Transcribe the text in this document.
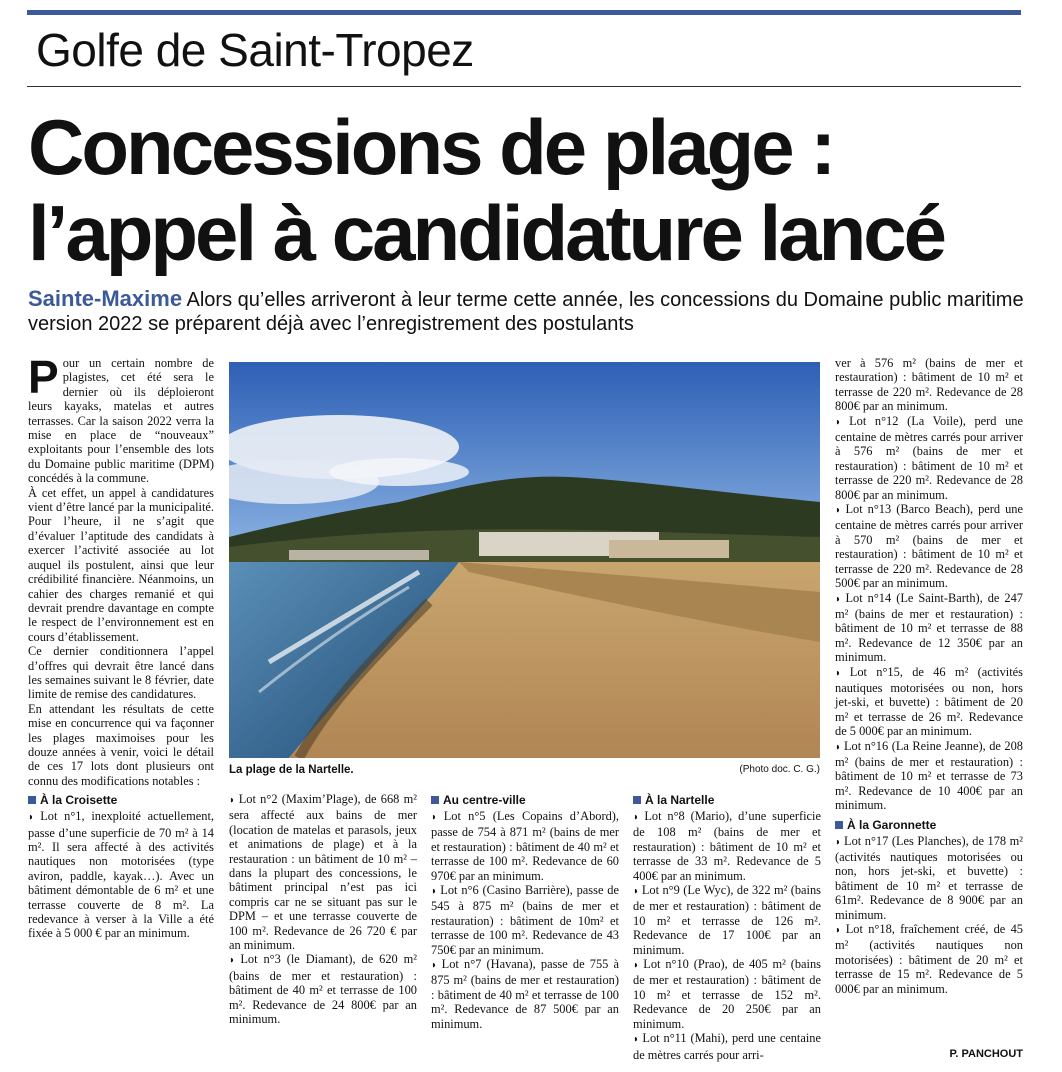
Golfe de Saint-Tropez
Concessions de plage :
l’appel à candidature lancé
Sainte-Maxime Alors qu’elles arriveront à leur terme cette année, les concessions du Domaine public maritime version 2022 se préparent déjà avec l’enregistrement des postulants

Pour un certain nombre de plagistes, cet été sera le dernier où ils déploieront leurs kayaks, matelas et autres terrasses. Car la saison 2022 verra la mise en place de “nouveaux” exploitants pour l’ensemble des lots du Domaine public maritime (DPM) concédés à la commune.

À cet effet, un appel à candidatures vient d’être lancé par la municipalité. Pour l’heure, il ne s’agit que d’évaluer l’aptitude des candidats à exercer l’activité associée au lot auquel ils postulent, ainsi que leur crédibilité financière. Néanmoins, un cahier des charges remanié et qui devrait prendre davantage en compte le respect de l’environnement est en cours d’établissement.

Ce dernier conditionnera l’appel d’offres qui devrait être lancé dans les semaines suivant le 8 février, date limite de remise des candidatures.

En attendant les résultats de cette mise en concurrence qui va façonner les plages maximoises pour les douze années à venir, voici le détail de ces 17 lots dont plusieurs ont connu des modifications notables :

À la Croisette

◗ Lot n°1, inexploité actuellement, passe d’une superficie de 70 m² à 14 m². Il sera affecté à des activités nautiques non motorisées (type aviron, paddle, kayak…). Avec un bâtiment démontable de 6 m² et une terrasse couverte de 8 m². La redevance à verser à la Ville a été fixée à 5 000 € par an minimum.

La plage de la Nartelle.	(Photo doc. C. G.)

◗ Lot n°2 (Maxim’Plage), de 668 m² sera affecté aux bains de mer (location de matelas et parasols, jeux et animations de plage) et à la restauration : un bâtiment de 10 m² – dans la plupart des concessions, le bâtiment principal n’est pas ici compris car ne se situant pas sur le DPM – et une terrasse couverte de 100 m². Redevance de 26 720 € par an minimum.

◗ Lot n°3 (le Diamant), de 620 m² (bains de mer et restauration) : bâtiment de 40 m² et terrasse de 100 m². Redevance de 24 800€ par an minimum.

Au centre-ville

◗ Lot n°5 (Les Copains d’Abord), passe de 754 à 871 m² (bains de mer et restauration) : bâtiment de 40 m² et terrasse de 100 m². Redevance de 60 970€ par an minimum.

◗ Lot n°6 (Casino Barrière), passe de 545 à 875 m² (bains de mer et restauration) : bâtiment de 10m² et terrasse de 100 m². Redevance de 43 750€ par an minimum.

◗ Lot n°7 (Havana), passe de 755 à 875 m² (bains de mer et restauration) : bâtiment de 40 m² et terrasse de 100 m². Redevance de 87 500€ par an minimum.

À la Nartelle

◗ Lot n°8 (Mario), d’une superficie de 108 m² (bains de mer et restauration) : bâtiment de 10 m² et terrasse de 33 m². Redevance de 5 400€ par an minimum.

◗ Lot n°9 (Le Wyc), de 322 m² (bains de mer et restauration) : bâtiment de 10 m² et terrasse de 126 m². Redevance de 17 100€ par an minimum.

◗ Lot n°10 (Prao), de 405 m² (bains de mer et restauration) : bâtiment de 10 m² et terrasse de 152 m². Redevance de 20 250€ par an minimum.

◗ Lot n°11 (Mahi), perd une centaine de mètres carrés pour arri-

ver à 576 m² (bains de mer et restauration) : bâtiment de 10 m² et terrasse de 220 m². Redevance de 28 800€ par an minimum.

◗ Lot n°12 (La Voile), perd une centaine de mètres carrés pour arriver à 576 m² (bains de mer et restauration) : bâtiment de 10 m² et terrasse de 220 m². Redevance de 28 800€ par an minimum.

◗ Lot n°13 (Barco Beach), perd une centaine de mètres carrés pour arriver à 570 m² (bains de mer et restauration) : bâtiment de 10 m² et terrasse de 220 m². Redevance de 28 500€ par an minimum.

◗ Lot n°14 (Le Saint-Barth), de 247 m² (bains de mer et restauration) : bâtiment de 10 m² et terrasse de 88 m². Redevance de 12 350€ par an minimum.

◗ Lot n°15, de 46 m² (activités nautiques motorisées ou non, hors jet-ski, et buvette) : bâtiment de 20 m² et terrasse de 26 m². Redevance de 5 000€ par an minimum.

◗ Lot n°16 (La Reine Jeanne), de 208 m² (bains de mer et restauration) : bâtiment de 10 m² et terrasse de 73 m². Redevance de 10 400€ par an minimum.

À la Garonnette

◗ Lot n°17 (Les Planches), de 178 m² (activités nautiques motorisées ou non, hors jet-ski, et buvette) : bâtiment de 10 m² et terrasse de 61m². Redevance de 8 900€ par an minimum.

◗ Lot n°18, fraîchement créé, de 45 m² (activités nautiques non motorisées) : bâtiment de 20 m² et terrasse de 15 m². Redevance de 5 000€ par an minimum.

P. PANCHOUT
